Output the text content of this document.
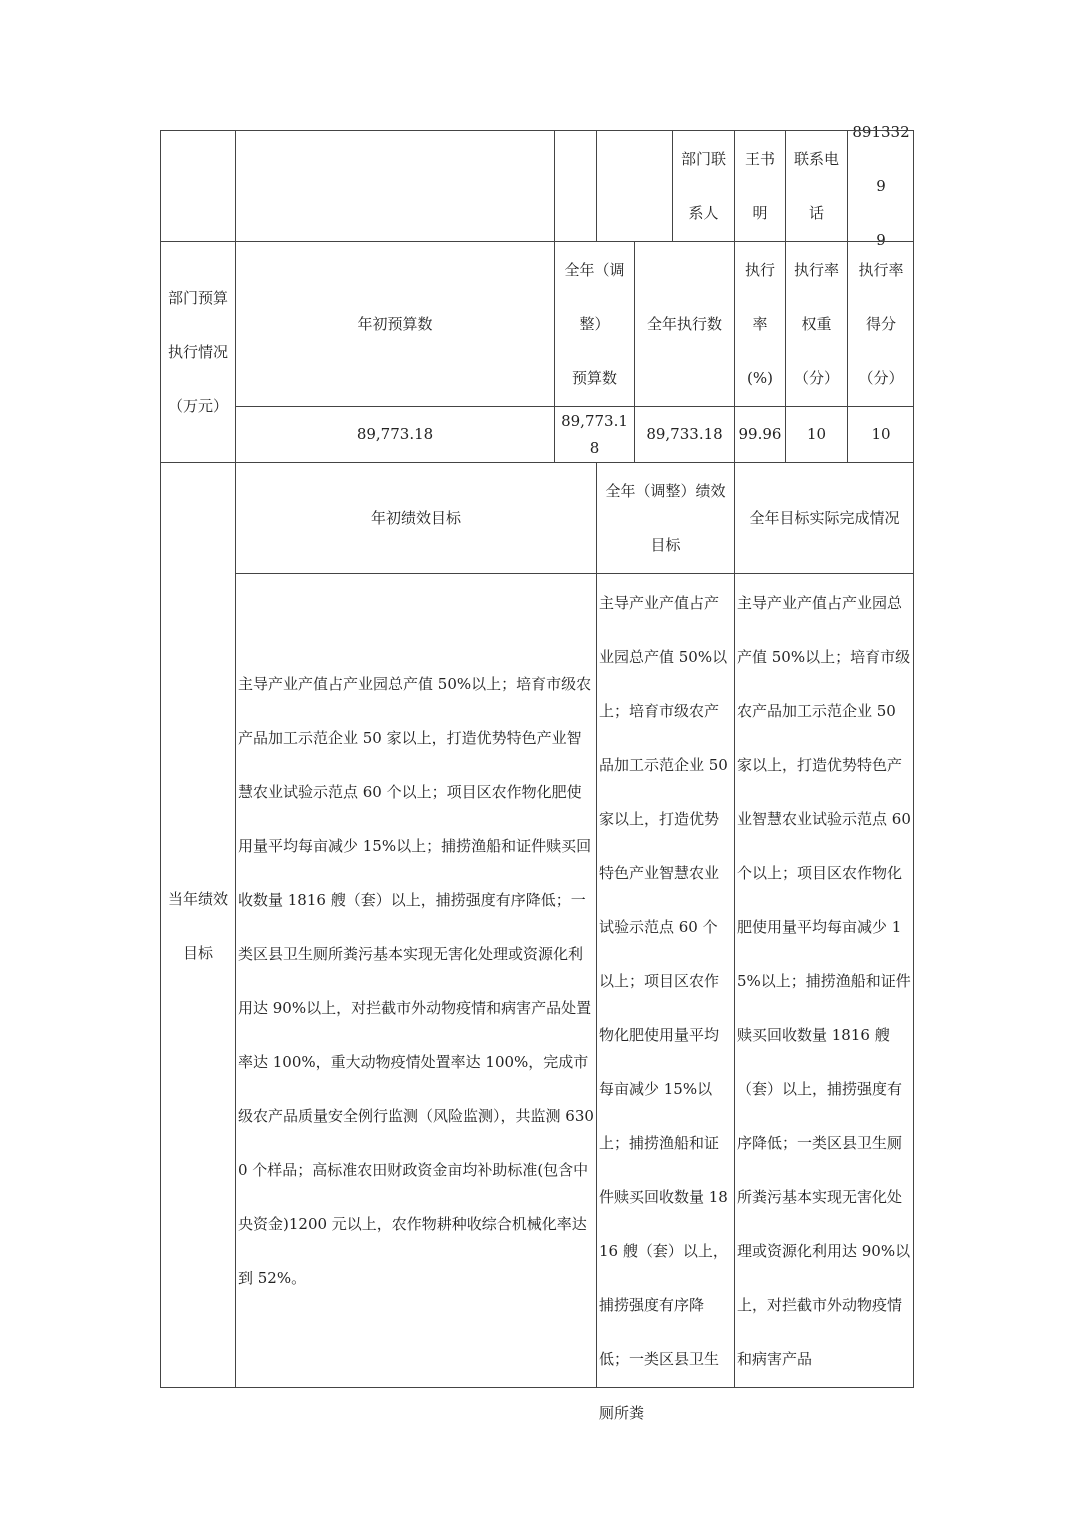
部门联
系人
王书
明
联系电
话
8913329
9
部门预算
执行情况
（万元）
年初预算数
全年（调
整）
预算数
全年执行数
执行
率
(%)
执行率
权重
（分）
执行率
得分
（分）
89,773.18
89,773.18
89,733.18 99.96 10	10
当年绩效
目标
年初绩效目标
全年（调整）绩效
目标
全年目标实际完成情况
主导产业产值占产业园总产值 50%以上；培育市级农产品加工示范企业 50 家以上，打造优势特色产业智慧农业试验示范点 60 个以上；项目区农作物化肥使用量平均每亩减少 15%以上；捕捞渔船和证件赎买回收数量 1816 艘（套）以上，捕捞强度有序降低；一类区县卫生厕所粪污基本实现无害化处理或资源化利用达 90%以上，对拦截市外动物疫情和病害产品处置率达 100%，重大动物疫情处置率达 100%，完成市级农产品质量安全例行监测（风险监测），共监测 6300 个样品；高标准农田财政资金亩均补助标准(包含中央资金)1200 元以上，农作物耕种收综合机械化率达到 52%。
主导产业产值占产业园总产值 50%以上；培育市级农产品加工示范企业 50 家以上，打造优势特色产业智慧农业试验示范点 60 个以上；项目区农作物化肥使用量平均每亩减少 15%以上；捕捞渔船和证件赎买回收数量 1816 艘（套）以上，捕捞强度有序降低；一类区县卫生厕所粪
主导产业产值占产业园总产值 50%以上；培育市级农产品加工示范企业 50 家以上，打造优势特色产业智慧农业试验示范点 60 个以上；项目区农作物化肥使用量平均每亩减少 15%以上；捕捞渔船和证件赎买回收数量 1816 艘（套）以上，捕捞强度有序降低；一类区县卫生厕所粪污基本实现无害化处理或资源化利用达 90%以上，对拦截市外动物疫情和病害产品
